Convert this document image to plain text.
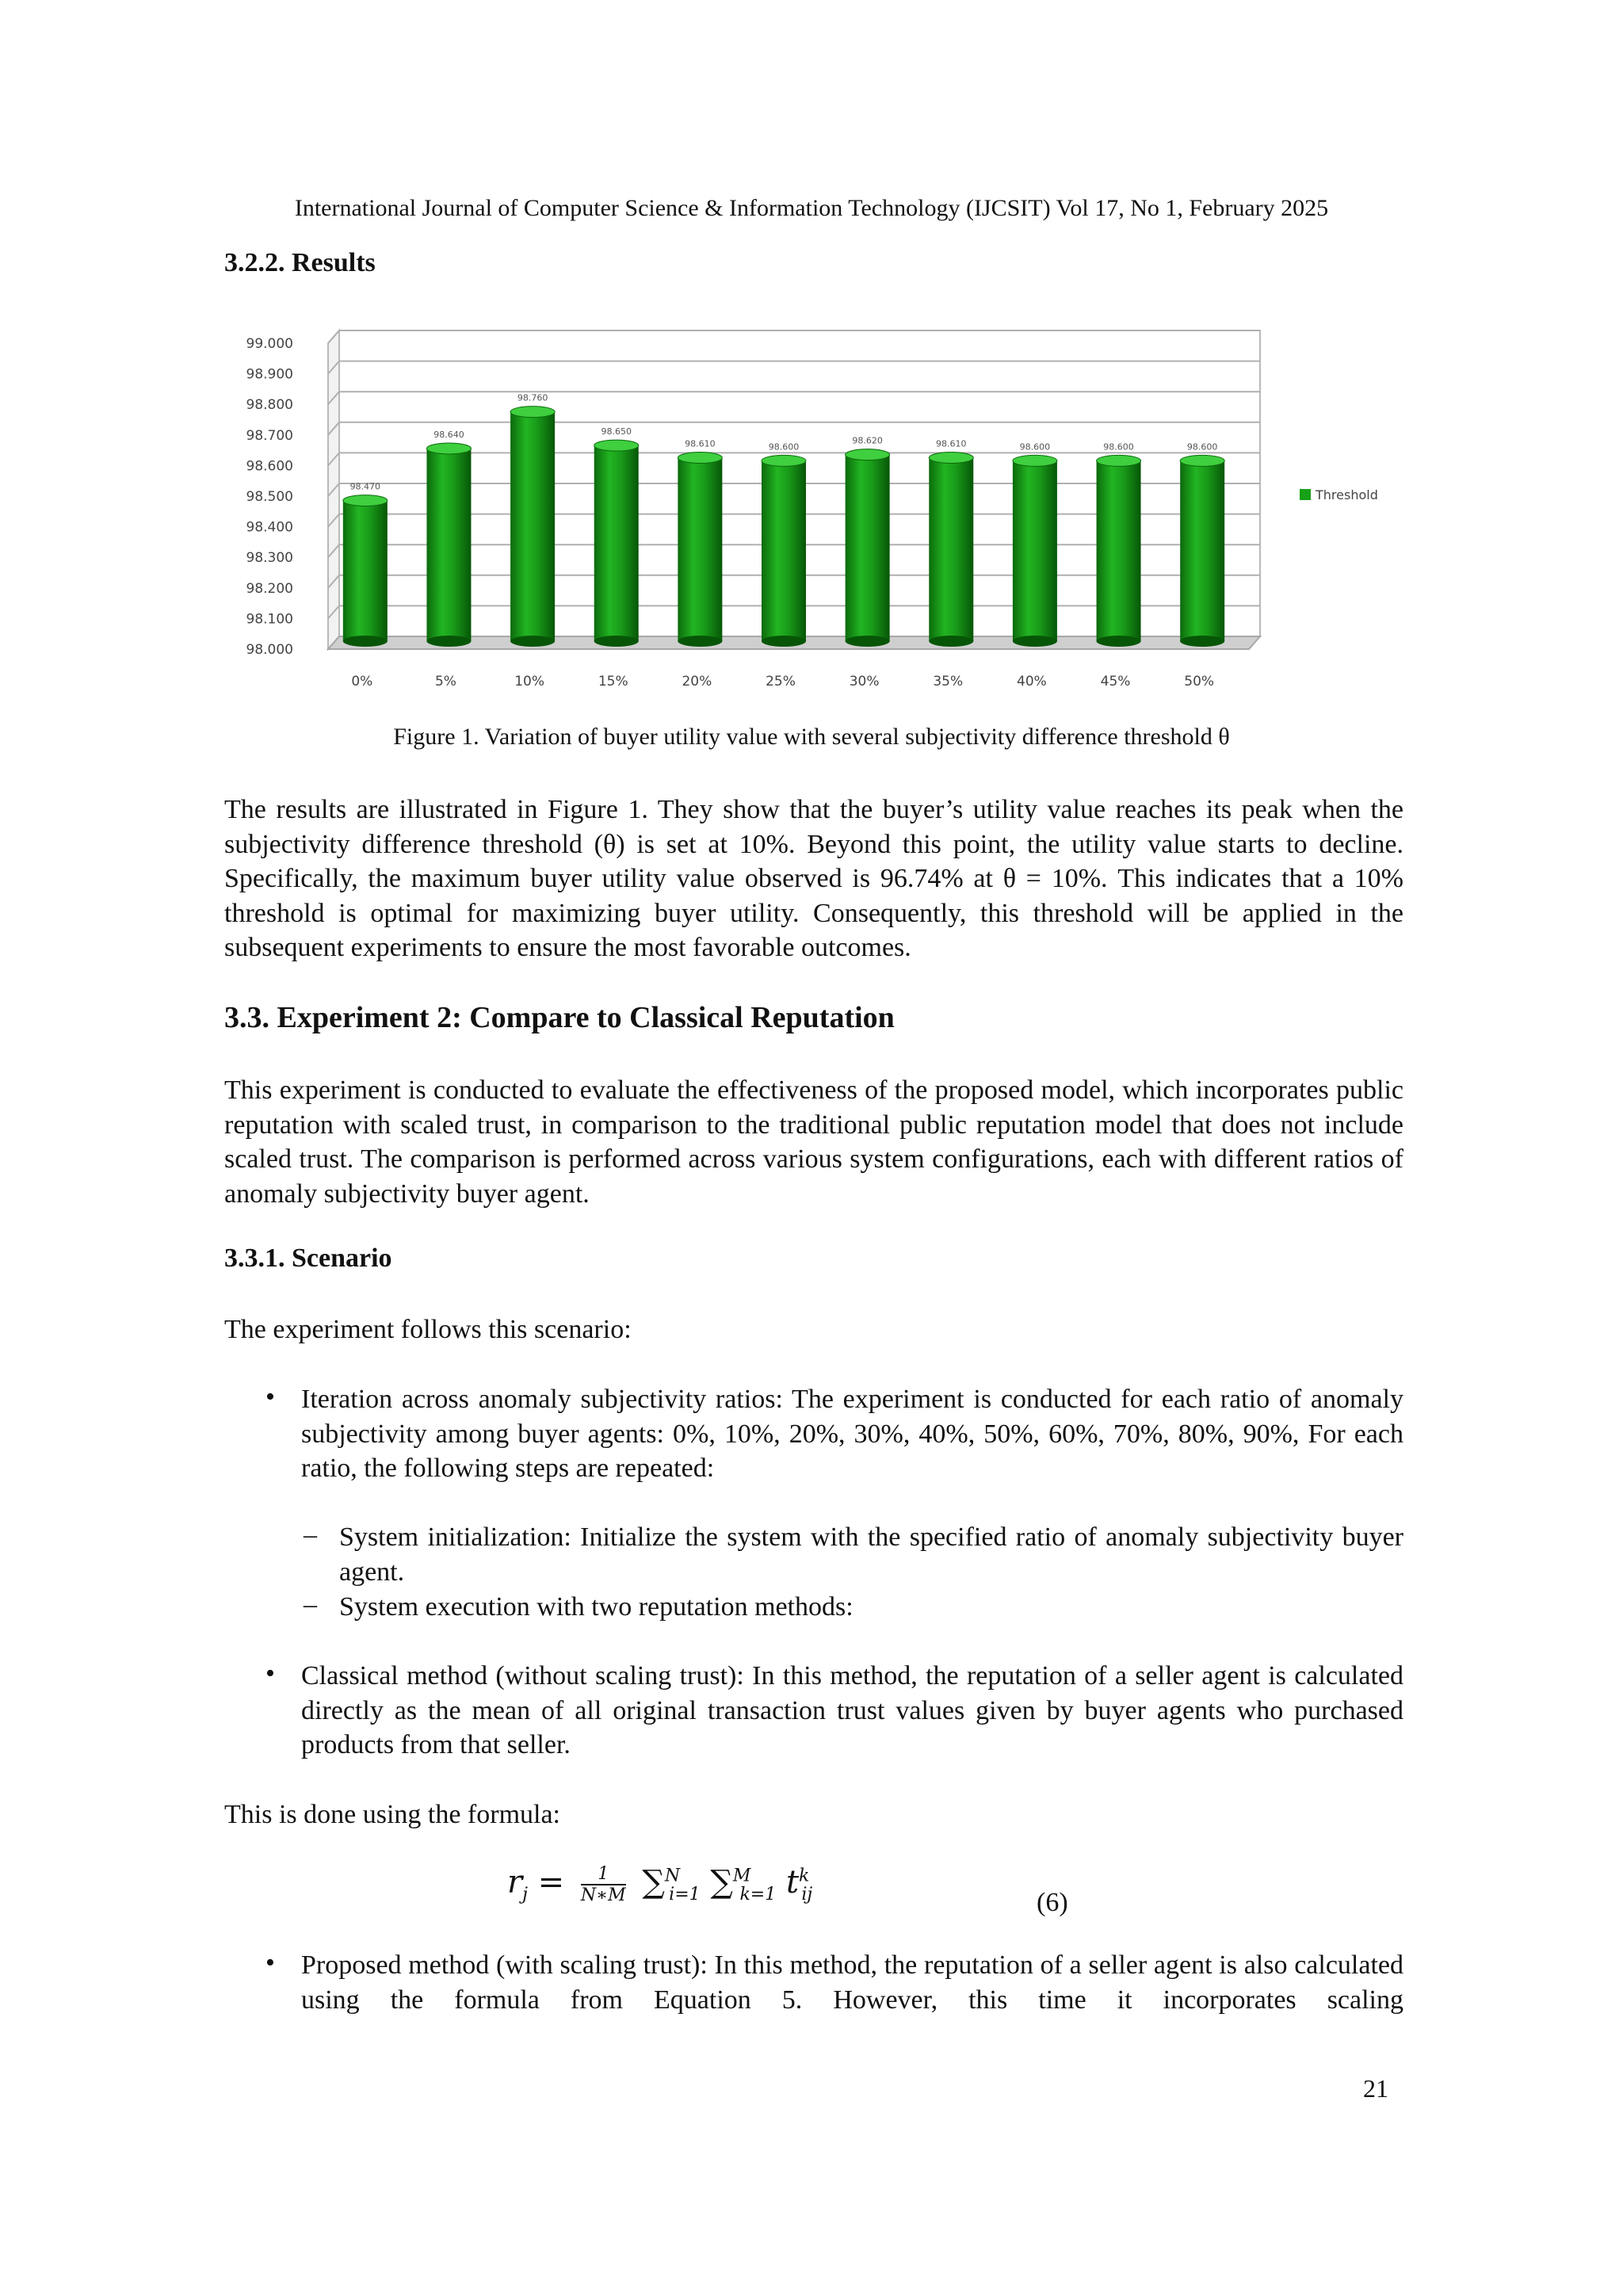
International Journal of Computer Science & Information Technology (IJCSIT) Vol 17, No 1, February 2025
3.2.2. Results
99.000
98.900
98.800
98.700
98.600
98.500
98.400
98.300
98.200
98.100
98.000
98.470
0%
98.640
5%
98.760
10%
98.650
15%
98.610
20%
98.600
25%
98.620
30%
98.610
35%
98.600
40%
98.600
45%
98.600
50%
Threshold
Figure 1. Variation of buyer utility value with several subjectivity difference threshold θ

The results are illustrated in Figure 1. They show that the buyer’s utility value reaches its peak when the subjectivity difference threshold (θ) is set at 10%. Beyond this point, the utility value starts to decline. Specifically, the maximum buyer utility value observed is 96.74% at θ = 10%. This indicates that a 10% threshold is optimal for maximizing buyer utility. Consequently, this threshold will be applied in the subsequent experiments to ensure the most favorable outcomes.

3.3. Experiment 2: Compare to Classical Reputation

This experiment is conducted to evaluate the effectiveness of the proposed model, which incorporates public reputation with scaled trust, in comparison to the traditional public reputation model that does not include scaled trust. The comparison is performed across various system configurations, each with different ratios of anomaly subjectivity buyer agent.

3.3.1. Scenario

The experiment follows this scenario:

• Iteration across anomaly subjectivity ratios: The experiment is conducted for each ratio of anomaly subjectivity among buyer agents: 0%, 10%, 20%, 30%, 40%, 50%, 60%, 70%, 80%, 90%, For each ratio, the following steps are repeated:

– System initialization: Initialize the system with the specified ratio of anomaly subjectivity buyer agent.

– System execution with two reputation methods:

• Classical method (without scaling trust): In this method, the reputation of a seller agent is calculated directly as the mean of all original transaction trust values given by buyer agents who purchased products from that seller.

This is done using the formula:

$r_j = \frac{1}{N∗M} \sum^N_{i=1}$ ∑$^M_{k=1}$ $t^k_{ij}$	(6)
• Proposed method (with scaling trust): In this method, the reputation of a seller agent is also calculated using the formula from Equation 5. However, this time it incorporates scaling

21
